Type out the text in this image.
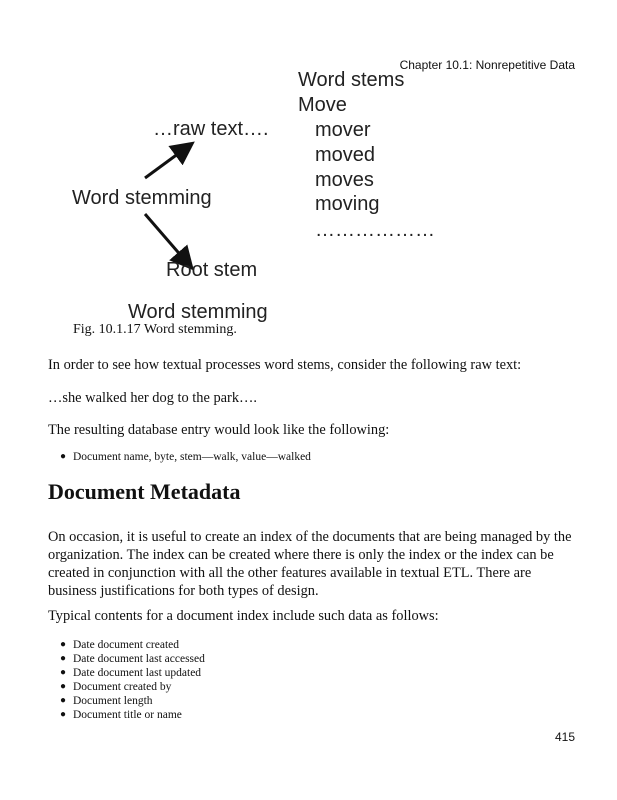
Chapter 10.1: Nonrepetitive Data
Word stems
Move
mover
moved
moves
moving
………………
…raw text….
Word stemming
Root stem
Word stemming
Fig. 10.1.17 Word stemming.

In order to see how textual processes word stems, consider the following raw text:

…she walked her dog to the park….

The resulting database entry would look like the following:

● Document name, byte, stem—walk, value—walked
Document Metadata

On occasion, it is useful to create an index of the documents that are being managed by the organization. The index can be created where there is only the index or the index can be created in conjunction with all the other features available in textual ETL. There are business justifications for both types of design.

Typical contents for a document index include such data as follows:

● Date document created
● Date document last accessed
● Date document last updated
● Document created by
● Document length
● Document title or name
415
